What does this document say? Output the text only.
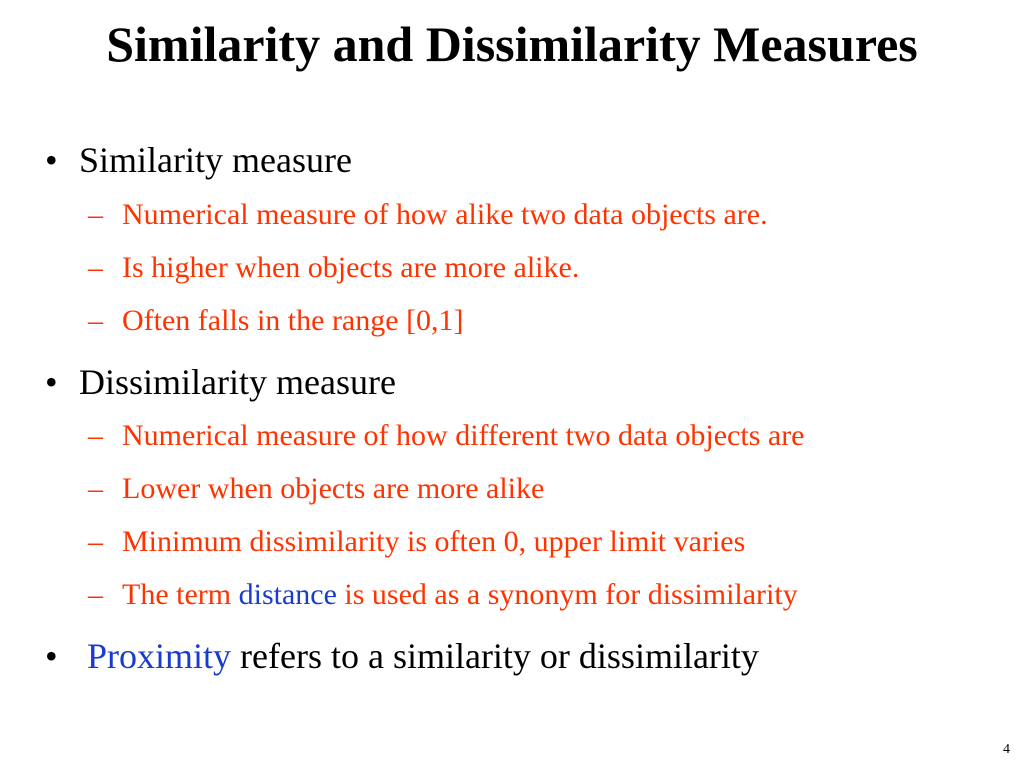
Similarity and Dissimilarity Measures
• Similarity measure
– Numerical measure of how alike two data objects are.
– Is higher when objects are more alike.
– Often falls in the range [0,1]
• Dissimilarity measure
– Numerical measure of how different two data objects are
– Lower when objects are more alike
– Minimum dissimilarity is often 0, upper limit varies
– The term distance is used as a synonym for dissimilarity
• Proximity refers to a similarity or dissimilarity
4
